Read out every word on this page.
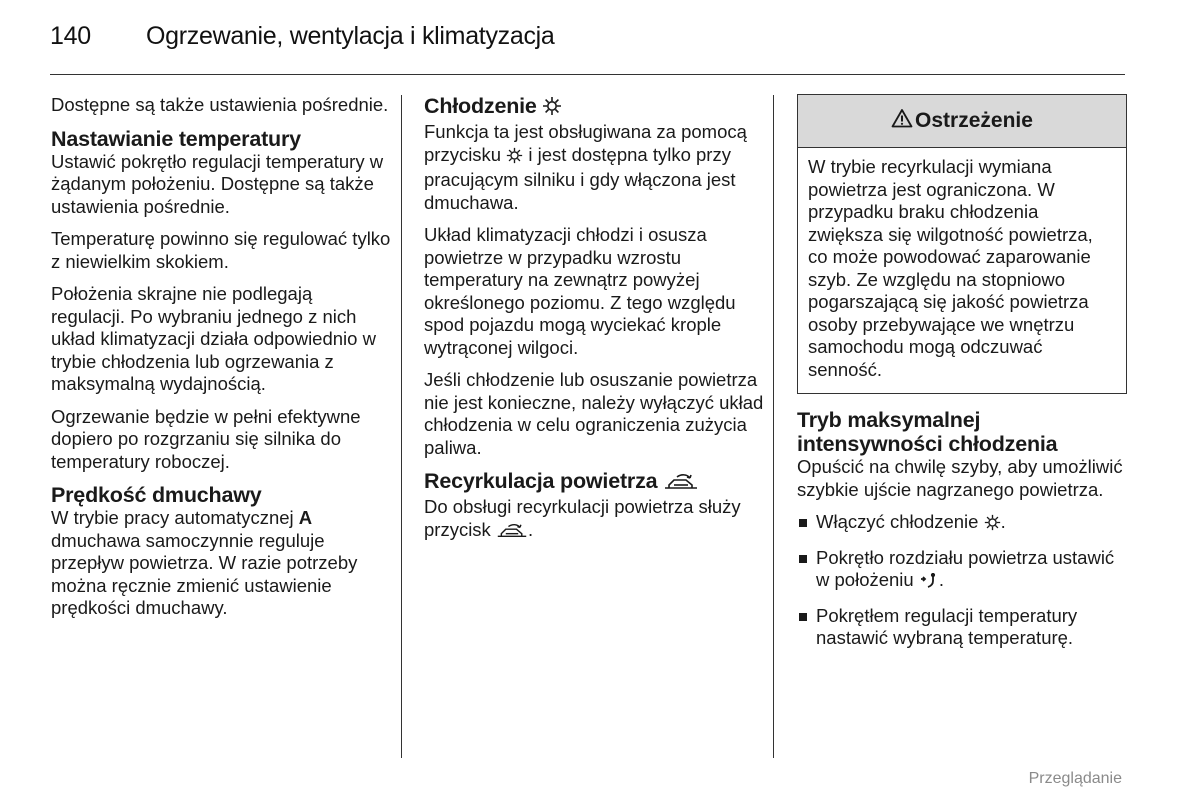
140 Ogrzewanie, wentylacja i klimatyzacja

Dostępne są także ustawienia pośrednie.

Nastawianie temperatury

Ustawić pokrętło regulacji temperatury w żądanym położeniu. Dostępne są także ustawienia pośrednie.

Temperaturę powinno się regulować tylko z niewielkim skokiem.

Położenia skrajne nie podlegają regulacji. Po wybraniu jednego z nich układ klimatyzacji działa odpowiednio w trybie chłodzenia lub ogrzewania z maksymalną wydajnością.

Ogrzewanie będzie w pełni efektywne dopiero po rozgrzaniu się silnika do temperatury roboczej.

Prędkość dmuchawy

W trybie pracy automatycznej A dmuchawa samoczynnie reguluje przepływ powietrza. W razie potrzeby można ręcznie zmienić ustawienie prędkości dmuchawy.

Chłodzenie

Funkcja ta jest obsługiwana za pomocą przycisku  i jest dostępna tylko przy pracującym silniku i gdy włączona jest dmuchawa.

Układ klimatyzacji chłodzi i osusza powietrze w przypadku wzrostu temperatury na zewnątrz powyżej określonego poziomu. Z tego względu spod pojazdu mogą wyciekać krople wytrąconej wilgoci.

Jeśli chłodzenie lub osuszanie powietrza nie jest konieczne, należy wyłączyć układ chłodzenia w celu ograniczenia zużycia paliwa.

Recyrkulacja powietrza

Do obsługi recyrkulacji powietrza służy przycisk .

Ostrzeżenie
W trybie recyrkulacji wymiana powietrza jest ograniczona. W przypadku braku chłodzenia zwiększa się wilgotność powietrza, co może powodować zaparowanie szyb. Ze względu na stopniowo pogarszającą się jakość powietrza osoby przebywające we wnętrzu samochodu mogą odczuwać senność.
Tryb maksymalnej intensywności chłodzenia

Opuścić na chwilę szyby, aby umożliwić szybkie ujście nagrzanego powietrza.

Włączyć chłodzenie .
Pokrętło rozdziału powietrza ustawić w położeniu .
Pokrętłem regulacji temperatury nastawić wybraną temperaturę.
Przeglądanie
